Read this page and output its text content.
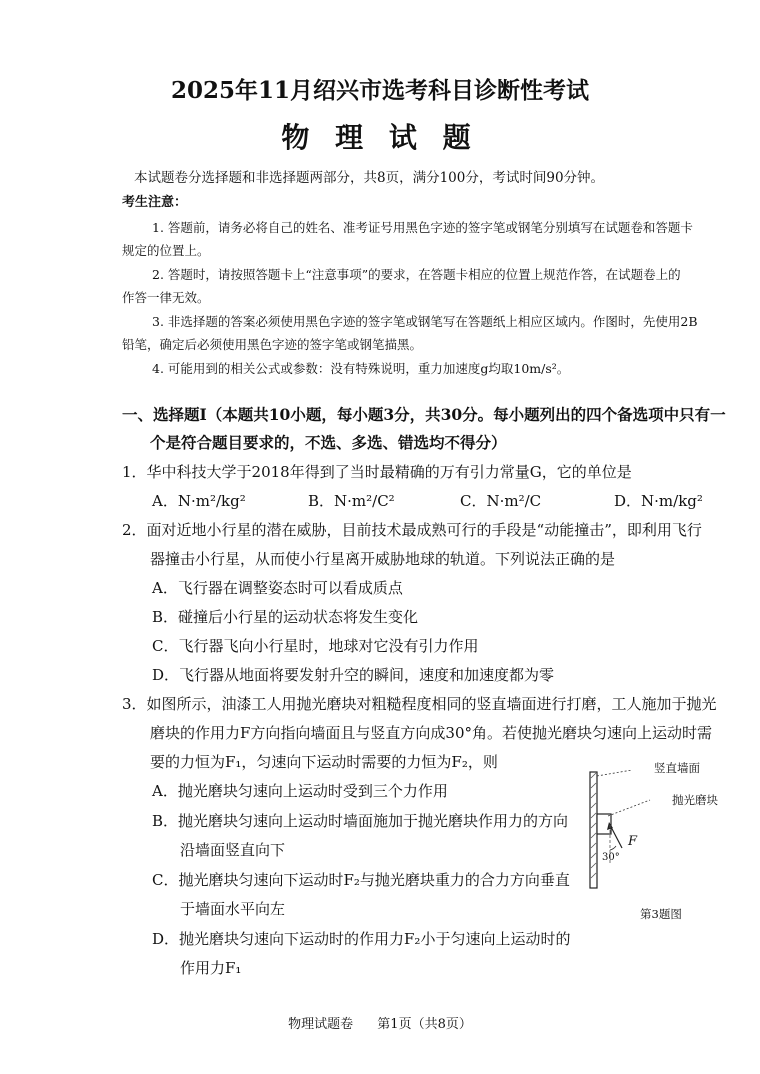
2025年11月绍兴市选考科目诊断性考试
物 理 试 题
本试题卷分选择题和非选择题两部分，共8页，满分100分，考试时间90分钟。
考生注意：
1. 答题前，请务必将自己的姓名、准考证号用黑色字迹的签字笔或钢笔分别填写在试题卷和答题卡
规定的位置上。
2. 答题时，请按照答题卡上“注意事项”的要求，在答题卡相应的位置上规范作答，在试题卷上的
作答一律无效。
3. 非选择题的答案必须使用黑色字迹的签字笔或钢笔写在答题纸上相应区域内。作图时，先使用2B
铅笔，确定后必须使用黑色字迹的签字笔或钢笔描黑。
4. 可能用到的相关公式或参数：没有特殊说明，重力加速度g均取10m/s²。
一、选择题Ⅰ（本题共10小题，每小题3分，共30分。每小题列出的四个备选项中只有一
个是符合题目要求的，不选、多选、错选均不得分）
1．华中科技大学于2018年得到了当时最精确的万有引力常量G，它的单位是
A．N·m²/kg²	B．N·m²/C²	C．N·m²/C	D．N·m/kg²
2．面对近地小行星的潜在威胁，目前技术最成熟可行的手段是“动能撞击”，即利用飞行
器撞击小行星，从而使小行星离开威胁地球的轨道。下列说法正确的是
A．飞行器在调整姿态时可以看成质点
B．碰撞后小行星的运动状态将发生变化
C．飞行器飞向小行星时，地球对它没有引力作用
D．飞行器从地面将要发射升空的瞬间，速度和加速度都为零
3．如图所示，油漆工人用抛光磨块对粗糙程度相同的竖直墙面进行打磨，工人施加于抛光
磨块的作用力F方向指向墙面且与竖直方向成30°角。若使抛光磨块匀速向上运动时需
要的力恒为F₁，匀速向下运动时需要的力恒为F₂，则
A．抛光磨块匀速向上运动时受到三个力作用
B．抛光磨块匀速向上运动时墙面施加于抛光磨块作用力的方向
沿墙面竖直向下
C．抛光磨块匀速向下运动时F₂与抛光磨块重力的合力方向垂直
于墙面水平向左
D．抛光磨块匀速向下运动时的作用力F₂小于匀速向上运动时的
作用力F₁
竖直墙面
抛光磨块
F
30°
第3题图
物理试题卷 第1页（共8页）
